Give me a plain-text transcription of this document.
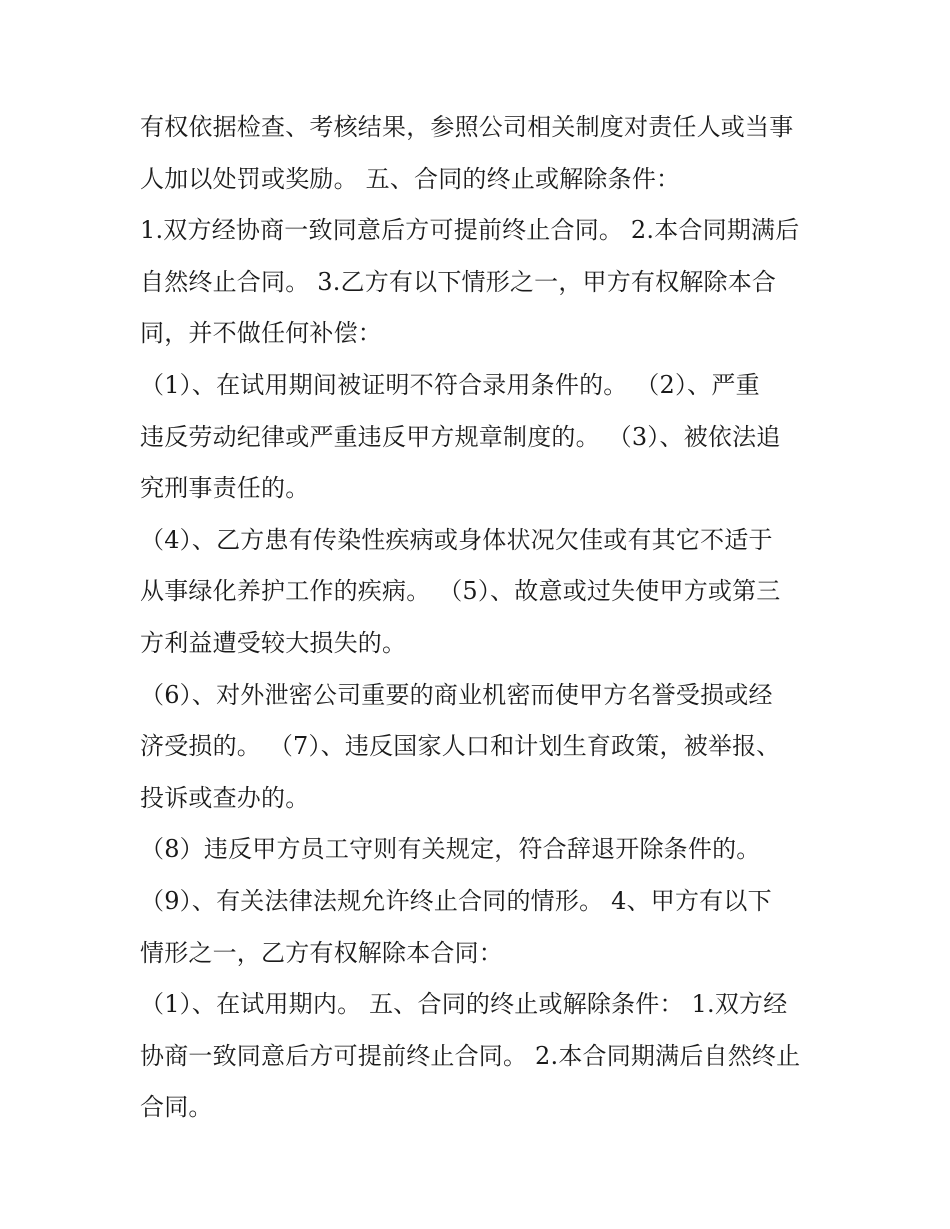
有权依据检查、考核结果，参照公司相关制度对责任人或当事
人加以处罚或奖励。 五、合同的终止或解除条件：
1.双方经协商一致同意后方可提前终止合同。 2.本合同期满后
自然终止合同。 3.乙方有以下情形之一，甲方有权解除本合
同，并不做任何补偿：
（1）、在试用期间被证明不符合录用条件的。 （2）、严重
违反劳动纪律或严重违反甲方规章制度的。 （3）、被依法追
究刑事责任的。
（4）、乙方患有传染性疾病或身体状况欠佳或有其它不适于
从事绿化养护工作的疾病。 （5）、故意或过失使甲方或第三
方利益遭受较大损失的。
（6）、对外泄密公司重要的商业机密而使甲方名誉受损或经
济受损的。 （7）、违反国家人口和计划生育政策，被举报、
投诉或查办的。
（8）违反甲方员工守则有关规定，符合辞退开除条件的。
（9）、有关法律法规允许终止合同的情形。 4、甲方有以下
情形之一，乙方有权解除本合同：
（1）、在试用期内。 五、合同的终止或解除条件： 1.双方经
协商一致同意后方可提前终止合同。 2.本合同期满后自然终止
合同。
